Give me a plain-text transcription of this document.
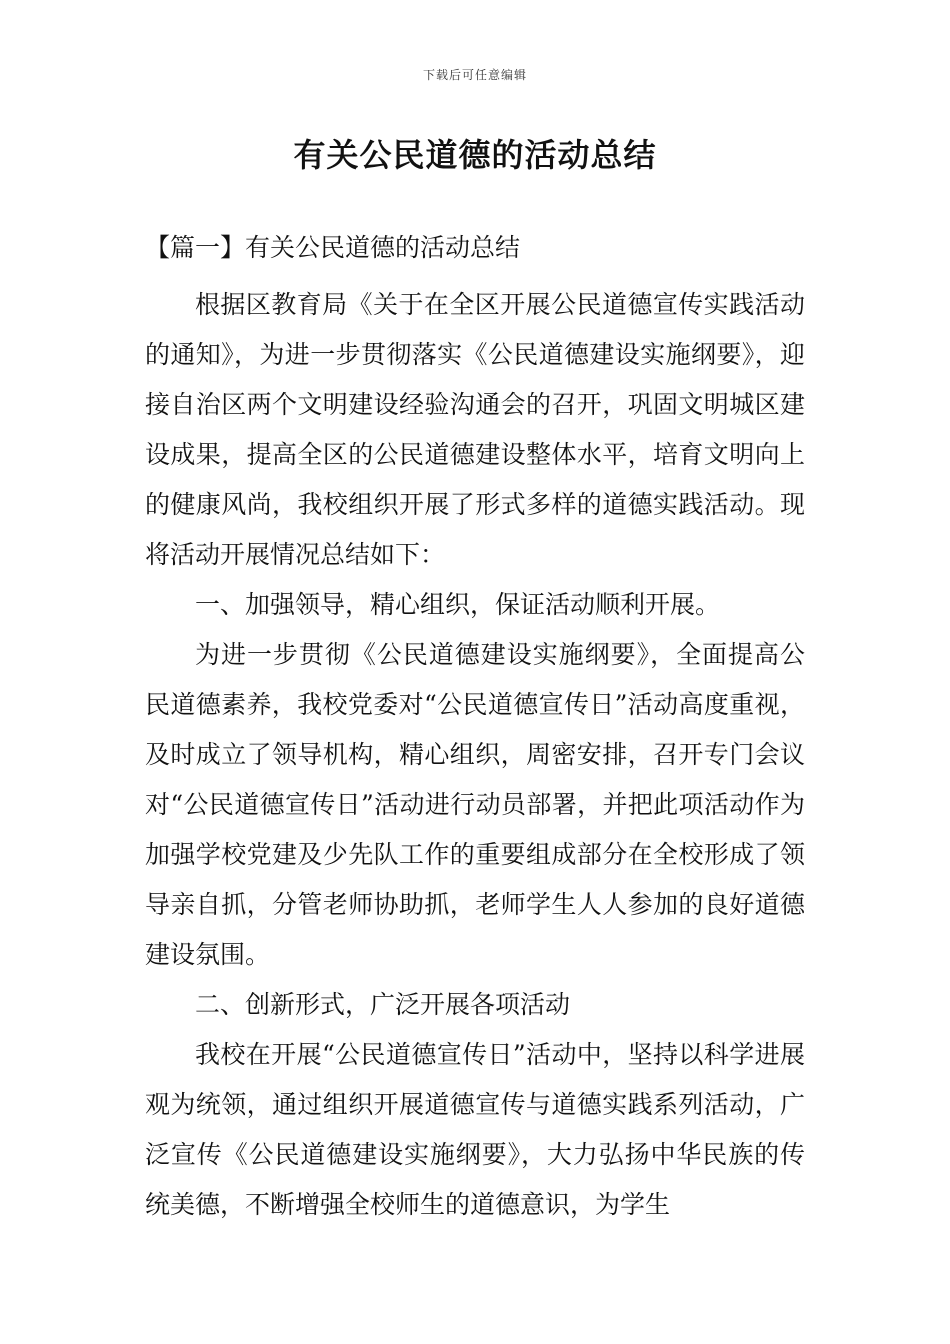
下载后可任意编辑
有关公民道德的活动总结
【篇一】有关公民道德的活动总结

根据区教育局《关于在全区开展公民道德宣传实践活动的通知》，为进一步贯彻落实《公民道德建设实施纲要》，迎接自治区两个文明建设经验沟通会的召开，巩固文明城区建设成果，提高全区的公民道德建设整体水平，培育文明向上的健康风尚，我校组织开展了形式多样的道德实践活动。现将活动开展情况总结如下：

一、加强领导，精心组织，保证活动顺利开展。

为进一步贯彻《公民道德建设实施纲要》，全面提高公民道德素养，我校党委对“公民道德宣传日”活动高度重视，及时成立了领导机构，精心组织，周密安排，召开专门会议对“公民道德宣传日”活动进行动员部署，并把此项活动作为加强学校党建及少先队工作的重要组成部分在全校形成了领导亲自抓，分管老师协助抓，老师学生人人参加的良好道德建设氛围。

二、创新形式，广泛开展各项活动

我校在开展“公民道德宣传日”活动中，坚持以科学进展观为统领，通过组织开展道德宣传与道德实践系列活动，广泛宣传《公民道德建设实施纲要》，大力弘扬中华民族的传统美德，不断增强全校师生的道德意识，为学生
